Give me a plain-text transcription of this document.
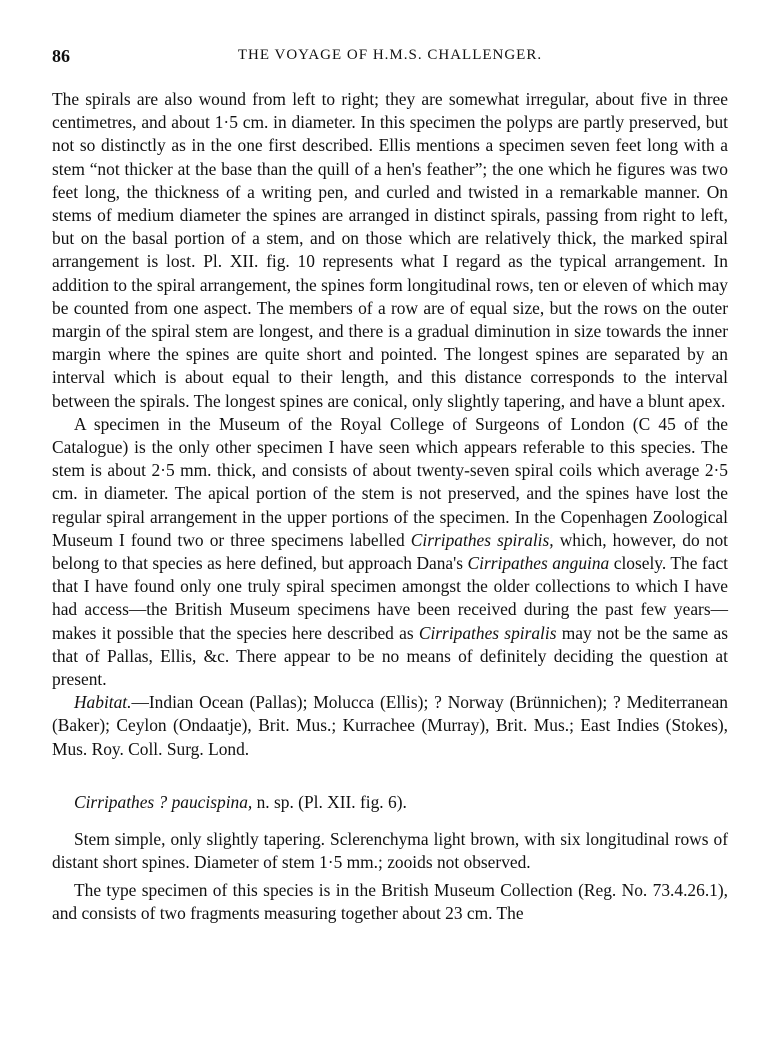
86	THE VOYAGE OF H.M.S. CHALLENGER.

The spirals are also wound from left to right; they are somewhat irregular, about five in three centimetres, and about 1·5 cm. in diameter. In this specimen the polyps are partly preserved, but not so distinctly as in the one first described. Ellis mentions a specimen seven feet long with a stem “not thicker at the base than the quill of a hen's feather”; the one which he figures was two feet long, the thickness of a writing pen, and curled and twisted in a remarkable manner. On stems of medium diameter the spines are arranged in distinct spirals, passing from right to left, but on the basal portion of a stem, and on those which are relatively thick, the marked spiral arrangement is lost. Pl. XII. fig. 10 represents what I regard as the typical arrangement. In addition to the spiral arrangement, the spines form longitudinal rows, ten or eleven of which may be counted from one aspect. The members of a row are of equal size, but the rows on the outer margin of the spiral stem are longest, and there is a gradual diminution in size towards the inner margin where the spines are quite short and pointed. The longest spines are separated by an interval which is about equal to their length, and this distance corresponds to the interval between the spirals. The longest spines are conical, only slightly tapering, and have a blunt apex.

A specimen in the Museum of the Royal College of Surgeons of London (C 45 of the Catalogue) is the only other specimen I have seen which appears referable to this species. The stem is about 2·5 mm. thick, and consists of about twenty-seven spiral coils which average 2·5 cm. in diameter. The apical portion of the stem is not preserved, and the spines have lost the regular spiral arrangement in the upper portions of the specimen. In the Copenhagen Zoological Museum I found two or three specimens labelled Cirripathes spiralis, which, however, do not belong to that species as here defined, but approach Dana's Cirripathes anguina closely. The fact that I have found only one truly spiral specimen amongst the older collections to which I have had access—the British Museum specimens have been received during the past few years—makes it possible that the species here described as Cirripathes spiralis may not be the same as that of Pallas, Ellis, &c. There appear to be no means of definitely deciding the question at present.

Habitat.—Indian Ocean (Pallas); Molucca (Ellis); ? Norway (Brünnichen); ? Mediterranean (Baker); Ceylon (Ondaatje), Brit. Mus.; Kurrachee (Murray), Brit. Mus.; East Indies (Stokes), Mus. Roy. Coll. Surg. Lond.

Cirripathes ? paucispina, n. sp. (Pl. XII. fig. 6).

Stem simple, only slightly tapering. Sclerenchyma light brown, with six longitudinal rows of distant short spines. Diameter of stem 1·5 mm.; zooids not observed.

The type specimen of this species is in the British Museum Collection (Reg. No. 73.4.26.1), and consists of two fragments measuring together about 23 cm. The
